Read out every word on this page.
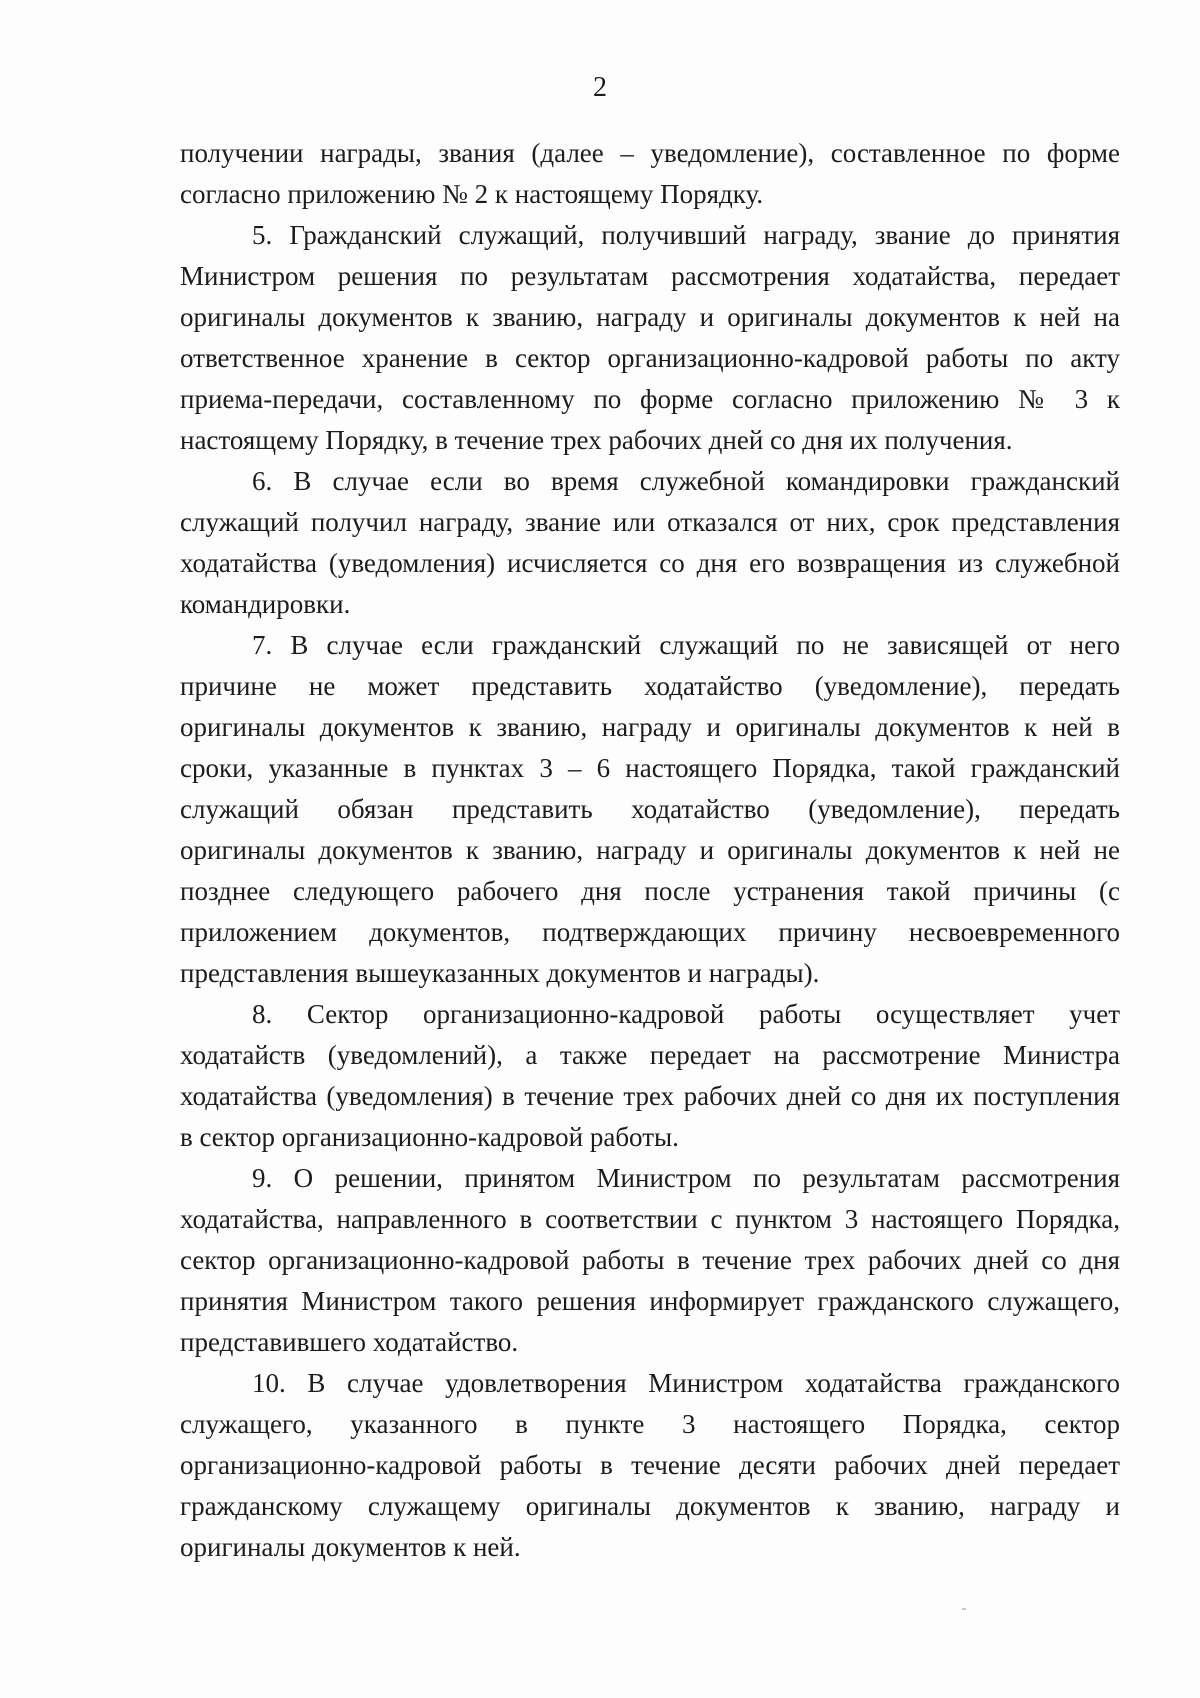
2
получении награды, звания (далее – уведомление), составленное по форме
согласно приложению № 2 к настоящему Порядку.
5. Гражданский служащий, получивший награду, звание до принятия
Министром решения по результатам рассмотрения ходатайства, передает
оригиналы документов к званию, награду и оригиналы документов к ней на
ответственное хранение в сектор организационно-кадровой работы по акту
приема-передачи, составленному по форме согласно приложению № 3 к
настоящему Порядку, в течение трех рабочих дней со дня их получения.
6. В случае если во время служебной командировки гражданский
служащий получил награду, звание или отказался от них, срок представления
ходатайства (уведомления) исчисляется со дня его возвращения из служебной
командировки.
7. В случае если гражданский служащий по не зависящей от него
причине не может представить ходатайство (уведомление), передать
оригиналы документов к званию, награду и оригиналы документов к ней в
сроки, указанные в пунктах 3 – 6 настоящего Порядка, такой гражданский
служащий обязан представить ходатайство (уведомление), передать
оригиналы документов к званию, награду и оригиналы документов к ней не
позднее следующего рабочего дня после устранения такой причины (с
приложением документов, подтверждающих причину несвоевременного
представления вышеуказанных документов и награды).
8. Сектор организационно-кадровой работы осуществляет учет
ходатайств (уведомлений), а также передает на рассмотрение Министра
ходатайства (уведомления) в течение трех рабочих дней со дня их поступления
в сектор организационно-кадровой работы.
9. О решении, принятом Министром по результатам рассмотрения
ходатайства, направленного в соответствии с пунктом 3 настоящего Порядка,
сектор организационно-кадровой работы в течение трех рабочих дней со дня
принятия Министром такого решения информирует гражданского служащего,
представившего ходатайство.
10. В случае удовлетворения Министром ходатайства гражданского
служащего, указанного в пункте 3 настоящего Порядка, сектор
организационно-кадровой работы в течение десяти рабочих дней передает
гражданскому служащему оригиналы документов к званию, награду и
оригиналы документов к ней.
